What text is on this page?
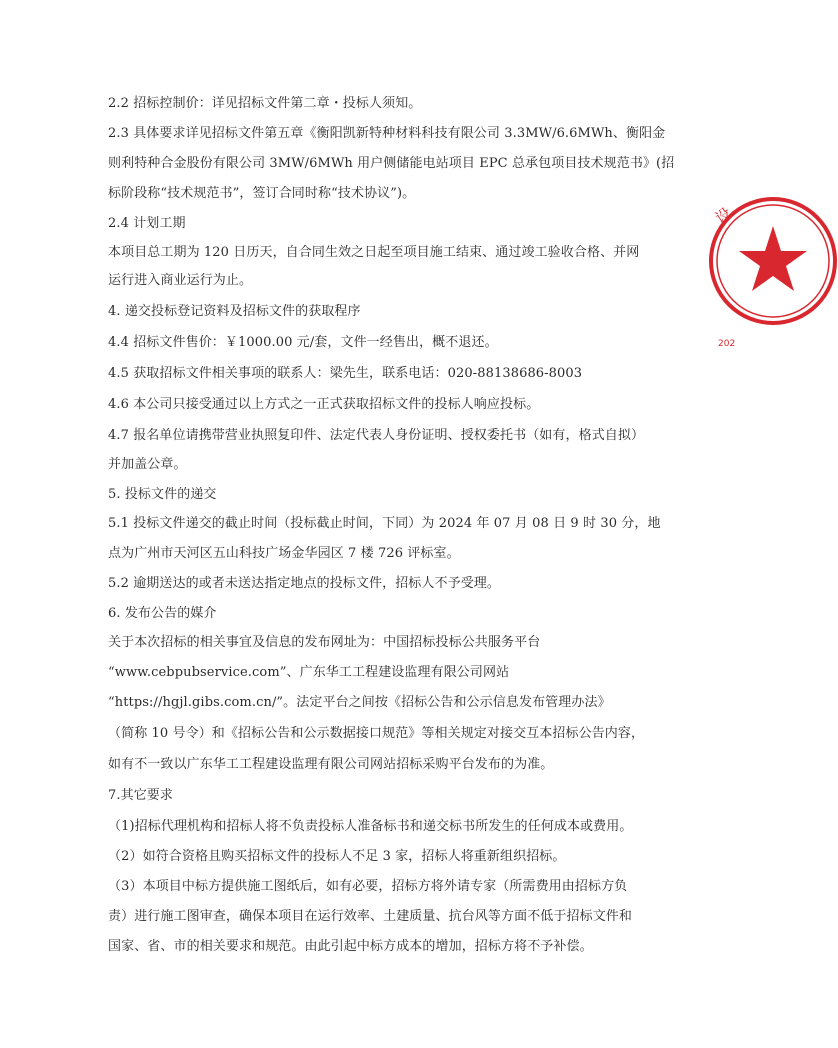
2.2 招标控制价：详见招标文件第二章・投标人须知。
2.3 具体要求详见招标文件第五章《衡阳凯新特种材料科技有限公司 3.3MW/6.6MWh、衡阳金
则利特种合金股份有限公司 3MW/6MWh 用户侧储能电站项目 EPC 总承包项目技术规范书》(招
标阶段称“技术规范书”，签订合同时称“技术协议”)。
2.4 计划工期
本项目总工期为 120 日历天，自合同生效之日起至项目施工结束、通过竣工验收合格、并网
运行进入商业运行为止。
4. 递交投标登记资料及招标文件的获取程序
4.4 招标文件售价：￥1000.00 元/套，文件一经售出，概不退还。
4.5 获取招标文件相关事项的联系人：梁先生，联系电话：020-88138686-8003
4.6 本公司只接受通过以上方式之一正式获取招标文件的投标人响应投标。
4.7 报名单位请携带营业执照复印件、法定代表人身份证明、授权委托书（如有，格式自拟）
并加盖公章。
5. 投标文件的递交
5.1 投标文件递交的截止时间（投标截止时间，下同）为 2024 年 07 月 08 日 9 时 30 分，地
点为广州市天河区五山科技广场金华园区 7 楼 726 评标室。
5.2 逾期送达的或者未送达指定地点的投标文件，招标人不予受理。
6. 发布公告的媒介
关于本次招标的相关事宜及信息的发布网址为：中国招标投标公共服务平台
“www.cebpubservice.com”、广东华工工程建设监理有限公司网站
“https://hgjl.gibs.com.cn/”。法定平台之间按《招标公告和公示信息发布管理办法》
（简称 10 号令）和《招标公告和公示数据接口规范》等相关规定对接交互本招标公告内容，
如有不一致以广东华工工程建设监理有限公司网站招标采购平台发布的为准。
7.其它要求
（1)招标代理机构和招标人将不负责投标人准备标书和递交标书所发生的任何成本或费用。
（2）如符合资格且购买招标文件的投标人不足 3 家，招标人将重新组织招标。
（3）本项目中标方提供施工图纸后，如有必要，招标方将外请专家（所需费用由招标方负
责）进行施工图审查，确保本项目在运行效率、土建质量、抗台风等方面不低于招标文件和
国家、省、市的相关要求和规范。由此引起中标方成本的增加，招标方将不予补偿。
设
202
